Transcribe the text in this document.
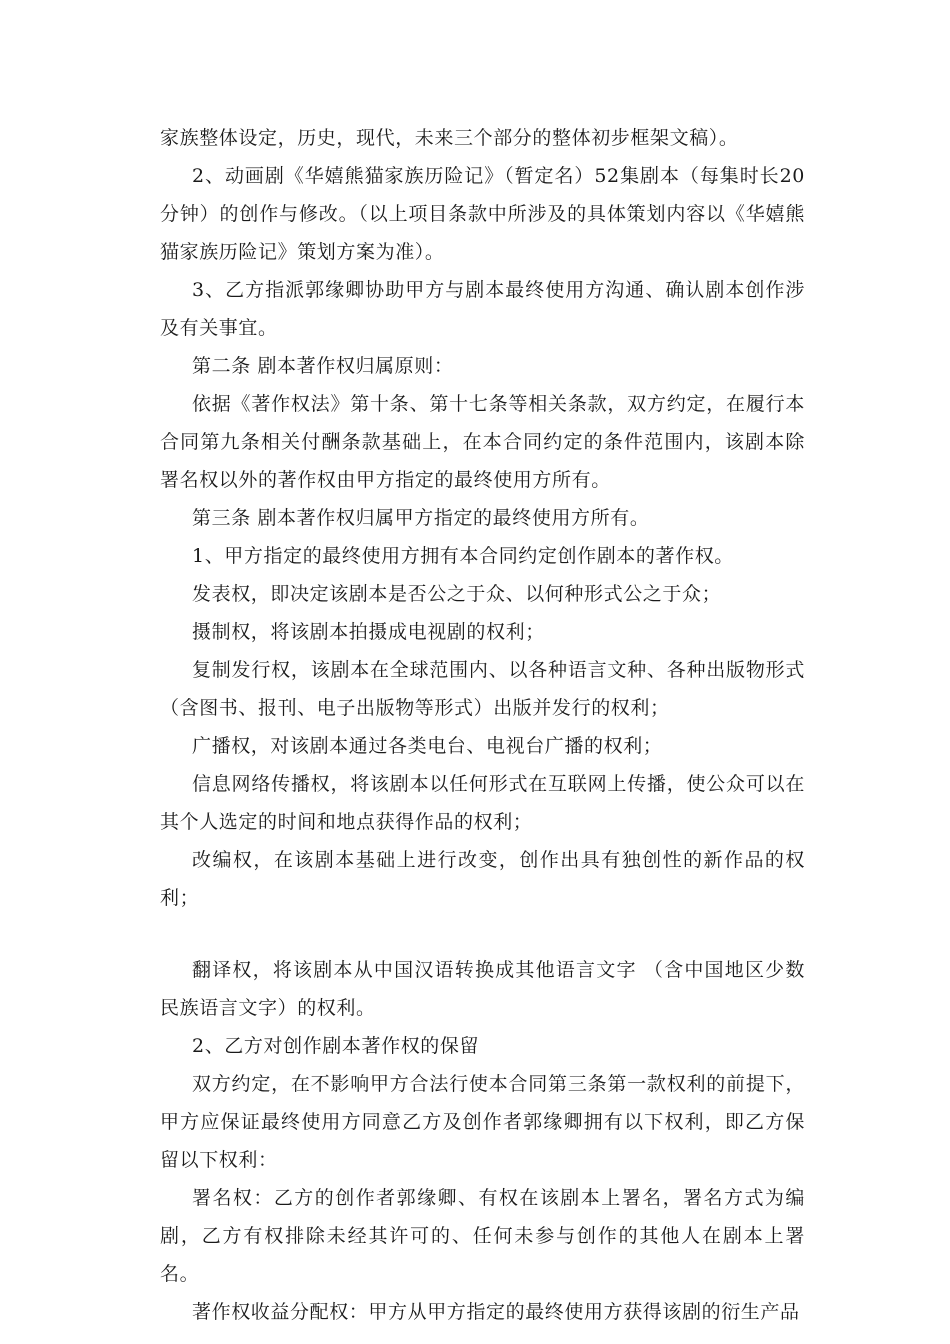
家族整体设定，历史，现代，未来三个部分的整体初步框架文稿）。

2、动画剧《华嬉熊猫家族历险记》（暂定名）52集剧本（每集时长20分钟）的创作与修改。（以上项目条款中所涉及的具体策划内容以《华嬉熊猫家族历险记》策划方案为准）。

3、乙方指派郭缘卿协助甲方与剧本最终使用方沟通、确认剧本创作涉及有关事宜。

第二条 剧本著作权归属原则：

依据《著作权法》第十条、第十七条等相关条款，双方约定，在履行本合同第九条相关付酬条款基础上，在本合同约定的条件范围内，该剧本除署名权以外的著作权由甲方指定的最终使用方所有。

第三条 剧本著作权归属甲方指定的最终使用方所有。

1、甲方指定的最终使用方拥有本合同约定创作剧本的著作权。

发表权，即决定该剧本是否公之于众、以何种形式公之于众；

摄制权，将该剧本拍摄成电视剧的权利；

复制发行权，该剧本在全球范围内、以各种语言文种、各种出版物形式（含图书、报刊、电子出版物等形式）出版并发行的权利；

广播权，对该剧本通过各类电台、电视台广播的权利；

信息网络传播权，将该剧本以任何形式在互联网上传播，使公众可以在其个人选定的时间和地点获得作品的权利；

改编权，在该剧本基础上进行改变，创作出具有独创性的新作品的权利；

翻译权，将该剧本从中国汉语转换成其他语言文字 （含中国地区少数民族语言文字）的权利。

2、乙方对创作剧本著作权的保留

双方约定，在不影响甲方合法行使本合同第三条第一款权利的前提下，甲方应保证最终使用方同意乙方及创作者郭缘卿拥有以下权利，即乙方保留以下权利：

署名权：乙方的创作者郭缘卿、有权在该剧本上署名，署名方式为编剧，乙方有权排除未经其许可的、任何未参与创作的其他人在剧本上署名。

著作权收益分配权：甲方从甲方指定的最终使用方获得该剧的衍生产品
